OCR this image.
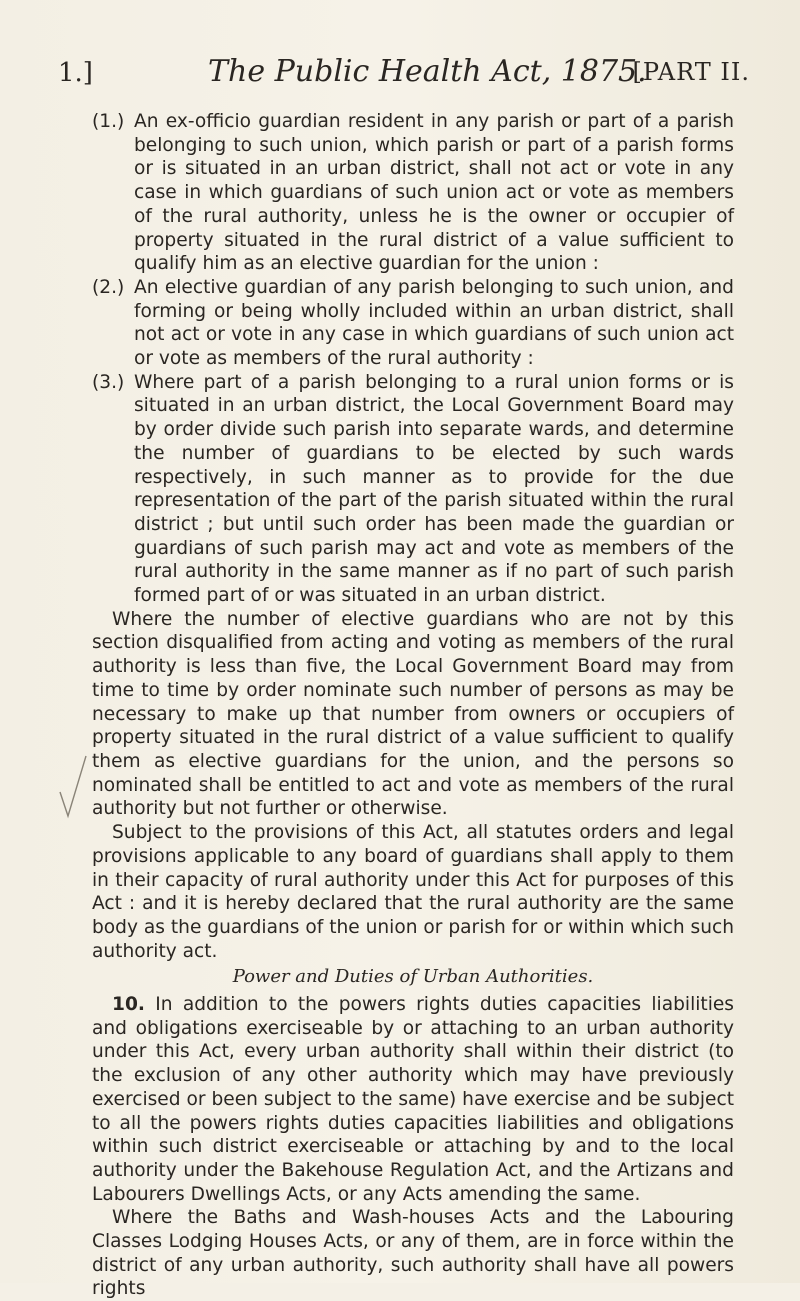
1.]	The Public Health Act, 1875.
[PART II.

(1.) An ex-officio guardian resident in any parish or part of a parish belonging to such union, which parish or part of a parish forms or is situated in an urban district, shall not act or vote in any case in which guardians of such union act or vote as members of the rural authority, unless he is the owner or occupier of property situated in the rural district of a value sufficient to qualify him as an elective guardian for the union :

(2.) An elective guardian of any parish belonging to such union, and forming or being wholly included within an urban district, shall not act or vote in any case in which guardians of such union act or vote as members of the rural authority :

(3.) Where part of a parish belonging to a rural union forms or is situated in an urban district, the Local Government Board may by order divide such parish into separate wards, and determine the number of guardians to be elected by such wards respectively, in such manner as to provide for the due representation of the part of the parish situated within the rural district ; but until such order has been made the guardian or guardians of such parish may act and vote as members of the rural authority in the same manner as if no part of such parish formed part of or was situated in an urban district.

Where the number of elective guardians who are not by this section disqualified from acting and voting as members of the rural authority is less than five, the Local Government Board may from time to time by order nominate such number of persons as may be necessary to make up that number from owners or occupiers of property situated in the rural district of a value sufficient to qualify them as elective guardians for the union, and the persons so nominated shall be entitled to act and vote as members of the rural authority but not further or otherwise.

Subject to the provisions of this Act, all statutes orders and legal provisions applicable to any board of guardians shall apply to them in their capacity of rural authority under this Act for purposes of this Act : and it is hereby declared that the rural authority are the same body as the guardians of the union or parish for or within which such authority act.

Power and Duties of Urban Authorities.

10. In addition to the powers rights duties capacities liabilities and obligations exerciseable by or attaching to an urban authority under this Act, every urban authority shall within their district (to the exclusion of any other authority which may have previously exercised or been subject to the same) have exercise and be subject to all the powers rights duties capacities liabilities and obligations within such district exerciseable or attaching by and to the local authority under the Bakehouse Regulation Act, and the Artizans and Labourers Dwellings Acts, or any Acts amending the same.

Where the Baths and Wash-houses Acts and the Labouring Classes Lodging Houses Acts, or any of them, are in force within the district of any urban authority, such authority shall have all powers rights
